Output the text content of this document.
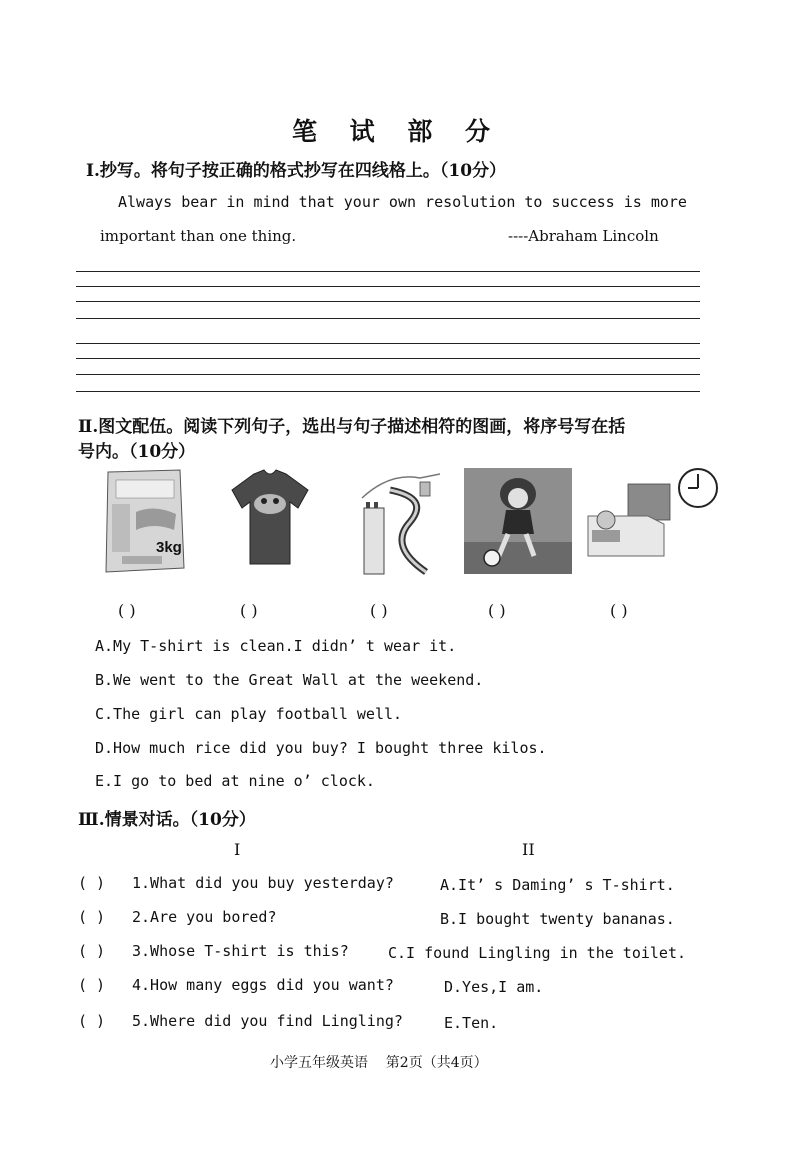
笔 试 部 分
Ⅰ.抄写。将句子按正确的格式抄写在四线格上。（10分）
Always bear in mind that your own resolution to success is more
important than one thing.	----Abraham Lincoln
Ⅱ.图文配伍。阅读下列句子，选出与句子描述相符的图画，将序号写在括
号内。（10分）
3kg
( )	( )	( )	( )	( )
A.My T-shirt is clean.I didn’ t wear it.
B.We went to the Great Wall at the weekend.
C.The girl can play football well.
D.How much rice did you buy? I bought three kilos.
E.I go to bed at nine o’ clock.
Ⅲ.情景对话。（10分）
I	II
( ) 1.What did you buy yesterday?	A.It’ s Daming’ s T-shirt.
( ) 2.Are you bored?	B.I bought twenty bananas.
( ) 3.Whose T-shirt is this?	C.I found Lingling in the toilet.
( ) 4.How many eggs did you want?	D.Yes,I am.
( ) 5.Where did you find Lingling?	E.Ten.
小学五年级英语    第2页（共4页）
